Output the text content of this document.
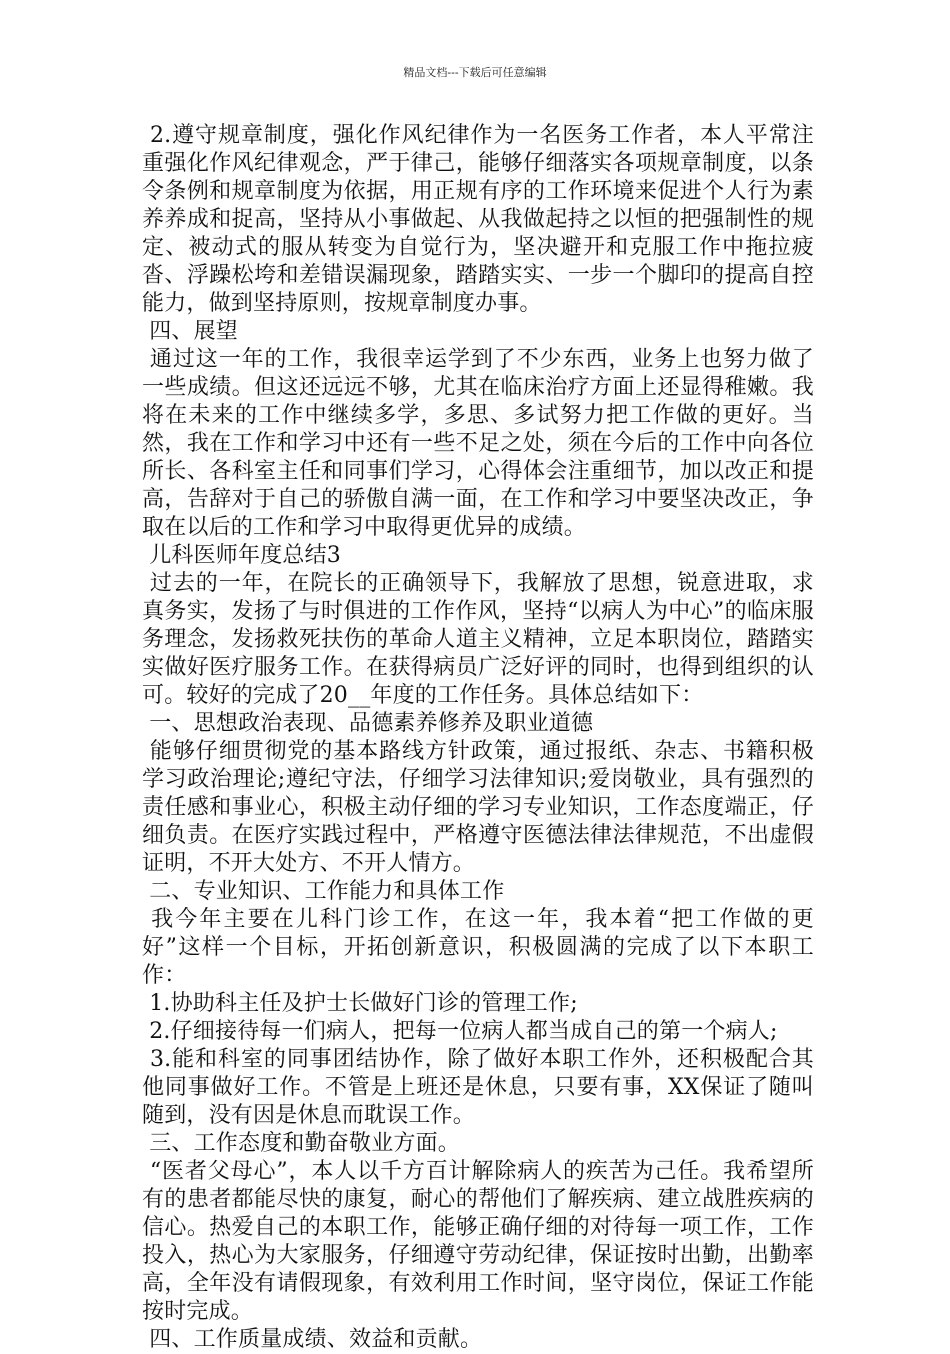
精品文档---下载后可任意编辑

2.遵守规章制度，强化作风纪律作为一名医务工作者，本人平常注重强化作风纪律观念，严于律己，能够仔细落实各项规章制度，以条令条例和规章制度为依据，用正规有序的工作环境来促进个人行为素养养成和捉高，坚持从小事做起、从我做起持之以恒的把强制性的规定、被动式的服从转变为自觉行为，坚决避开和克服工作中拖拉疲沓、浮躁松垮和差错误漏现象，踏踏实实、一步一个脚印的提高自控能力，做到坚持原则，按规章制度办事。

四、展望

通过这一年的工作，我很幸运学到了不少东西，业务上也努力做了一些成绩。但这还远远不够，尤其在临床治疗方面上还显得稚嫩。我将在未来的工作中继续多学，多思、多试努力把工作做的更好。当然，我在工作和学习中还有一些不足之处，须在今后的工作中向各位所长、各科室主任和同事们学习，心得体会注重细节，加以改正和提高，告辞对于自己的骄傲自满一面，在工作和学习中要坚决改正，争取在以后的工作和学习中取得更优异的成绩。

儿科医师年度总结3

过去的一年，在院长的正确领导下，我解放了思想，锐意进取，求真务实，发扬了与时俱进的工作作风，坚持“以病人为中心”的临床服务理念，发扬救死扶伤的革命人道主义精神，立足本职岗位，踏踏实实做好医疗服务工作。在获得病员广泛好评的同时，也得到组织的认可。较好的完成了20__年度的工作任务。具体总结如下：

一、思想政治表现、品德素养修养及职业道德

能够仔细贯彻党的基本路线方针政策，通过报纸、杂志、书籍积极学习政治理论;遵纪守法，仔细学习法律知识;爱岗敬业，具有强烈的责任感和事业心，积极主动仔细的学习专业知识，工作态度端正，仔细负责。在医疗实践过程中，严格遵守医德法律法律规范，不出虚假证明，不开大处方、不开人情方。

二、专业知识、工作能力和具体工作

我今年主要在儿科门诊工作，在这一年，我本着“把工作做的更好”这样一个目标，开拓创新意识，积极圆满的完成了以下本职工作：

1.协助科主任及护士长做好门诊的管理工作;

2.仔细接待每一们病人，把每一位病人都当成自己的第一个病人;

3.能和科室的同事团结协作，除了做好本职工作外，还积极配合其他同事做好工作。不管是上班还是休息，只要有事，XX保证了随叫随到，没有因是休息而耽误工作。

三、工作态度和勤奋敬业方面。

“医者父母心”，本人以千方百计解除病人的疾苦为己任。我希望所有的患者都能尽快的康复，耐心的帮他们了解疾病、建立战胜疾病的信心。热爱自己的本职工作，能够正确仔细的对待每一项工作，工作投入，热心为大家服务，仔细遵守劳动纪律，保证按时出勤，出勤率高，全年没有请假现象，有效利用工作时间，坚守岗位，保证工作能按时完成。

四、工作质量成绩、效益和贡献。
